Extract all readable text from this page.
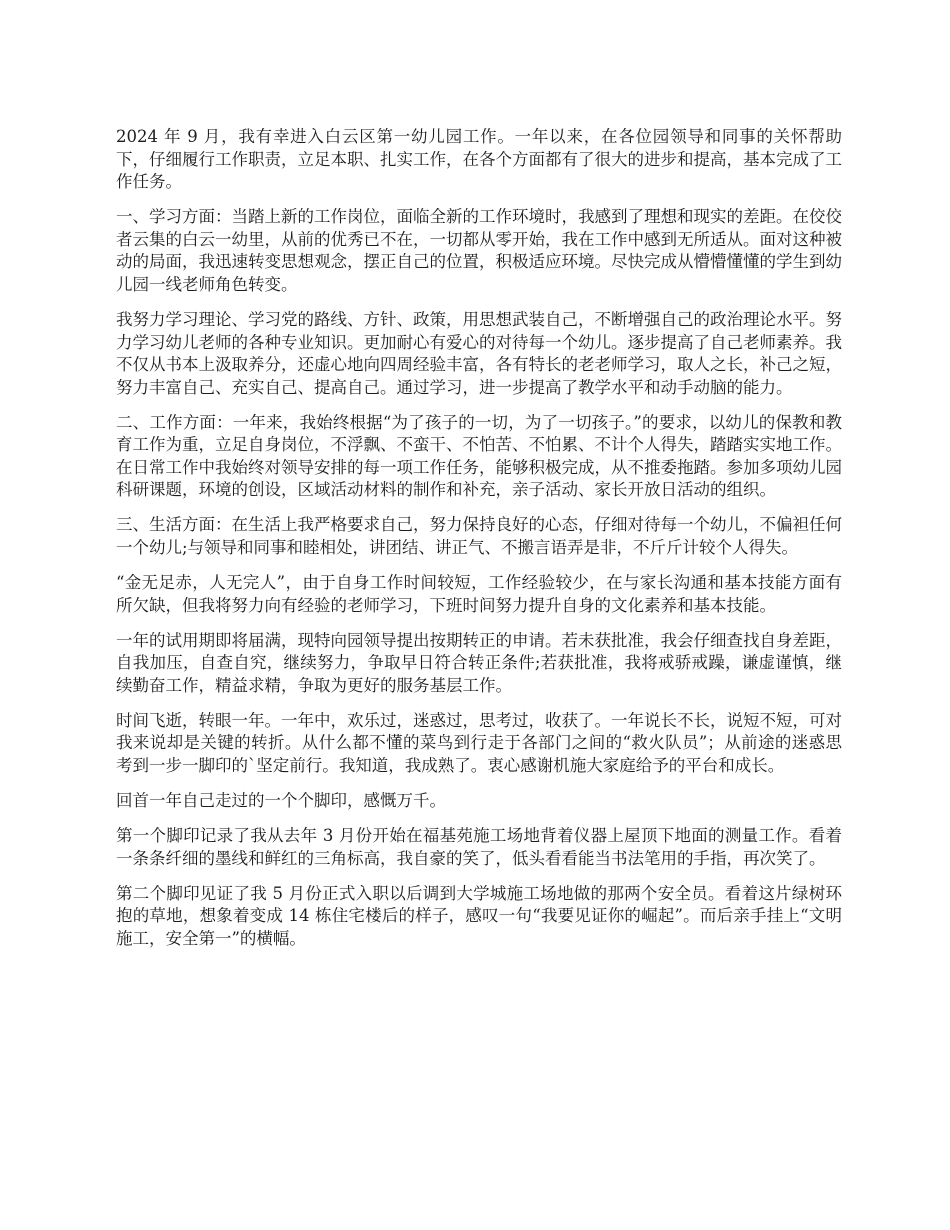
2024 年 9 月，我有幸进入白云区第一幼儿园工作。一年以来，在各位园领导和同事的关怀帮助下，仔细履行工作职责，立足本职、扎实工作，在各个方面都有了很大的进步和提高，基本完成了工作任务。

一、学习方面：当踏上新的工作岗位，面临全新的工作环境时，我感到了理想和现实的差距。在佼佼者云集的白云一幼里，从前的优秀已不在，一切都从零开始，我在工作中感到无所适从。面对这种被动的局面，我迅速转变思想观念，摆正自己的位置，积极适应环境。尽快完成从懵懵懂懂的学生到幼儿园一线老师角色转变。

我努力学习理论、学习党的路线、方针、政策，用思想武装自己，不断增强自己的政治理论水平。努力学习幼儿老师的各种专业知识。更加耐心有爱心的对待每一个幼儿。逐步提高了自己老师素养。我不仅从书本上汲取养分，还虚心地向四周经验丰富，各有特长的老老师学习，取人之长，补己之短，努力丰富自己、充实自己、提高自己。通过学习，进一步提高了教学水平和动手动脑的能力。

二、工作方面：一年来，我始终根据“为了孩子的一切，为了一切孩子。”的要求，以幼儿的保教和教育工作为重，立足自身岗位，不浮飘、不蛮干、不怕苦、不怕累、不计个人得失，踏踏实实地工作。在日常工作中我始终对领导安排的每一项工作任务，能够积极完成，从不推委拖踏。参加多项幼儿园科研课题，环境的创设，区域活动材料的制作和补充，亲子活动、家长开放日活动的组织。

三、生活方面：在生活上我严格要求自己，努力保持良好的心态，仔细对待每一个幼儿，不偏袒任何一个幼儿;与领导和同事和睦相处，讲团结、讲正气、不搬言语弄是非，不斤斤计较个人得失。

“金无足赤，人无完人”，由于自身工作时间较短，工作经验较少，在与家长沟通和基本技能方面有所欠缺，但我将努力向有经验的老师学习，下班时间努力提升自身的文化素养和基本技能。

一年的试用期即将届满，现特向园领导提出按期转正的申请。若未获批准，我会仔细查找自身差距，自我加压，自查自究，继续努力，争取早日符合转正条件;若获批准，我将戒骄戒躁，谦虚谨慎，继续勤奋工作，精益求精，争取为更好的服务基层工作。

时间飞逝，转眼一年。一年中，欢乐过，迷惑过，思考过，收获了。一年说长不长，说短不短，可对我来说却是关键的转折。从什么都不懂的菜鸟到行走于各部门之间的“救火队员”；从前途的迷惑思考到一步一脚印的`坚定前行。我知道，我成熟了。衷心感谢机施大家庭给予的平台和成长。

回首一年自己走过的一个个脚印，感慨万千。

第一个脚印记录了我从去年 3 月份开始在福基苑施工场地背着仪器上屋顶下地面的测量工作。看着一条条纤细的墨线和鲜红的三角标高，我自豪的笑了，低头看看能当书法笔用的手指，再次笑了。

第二个脚印见证了我 5 月份正式入职以后调到大学城施工场地做的那两个安全员。看着这片绿树环抱的草地，想象着变成 14 栋住宅楼后的样子，感叹一句“我要见证你的崛起”。而后亲手挂上“文明施工，安全第一”的横幅。
